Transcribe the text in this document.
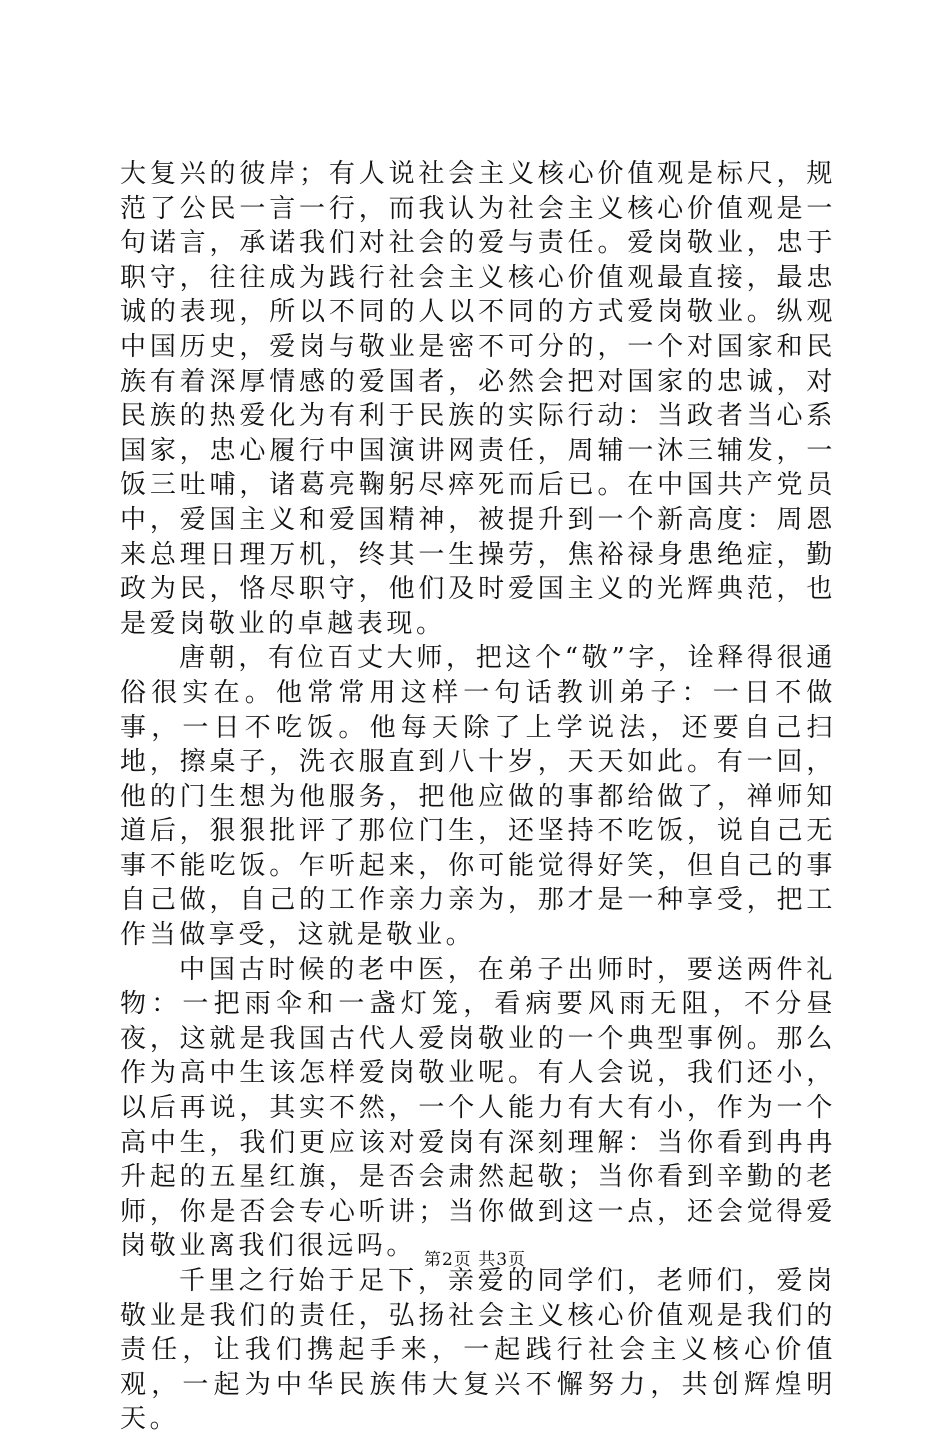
大复兴的彼岸；有人说社会主义核心价值观是标尺，规范了公民一言一行，而我认为社会主义核心价值观是一句诺言，承诺我们对社会的爱与责任。爱岗敬业，忠于职守，往往成为践行社会主义核心价值观最直接，最忠诚的表现，所以不同的人以不同的方式爱岗敬业。纵观中国历史，爱岗与敬业是密不可分的，一个对国家和民族有着深厚情感的爱国者，必然会把对国家的忠诚，对民族的热爱化为有利于民族的实际行动：当政者当心系国家，忠心履行中国演讲网责任，周辅一沐三辅发，一饭三吐哺，诸葛亮鞠躬尽瘁死而后已。在中国共产党员中，爱国主义和爱国精神，被提升到一个新高度：周恩来总理日理万机，终其一生操劳，焦裕禄身患绝症，勤政为民，恪尽职守，他们及时爱国主义的光辉典范，也是爱岗敬业的卓越表现。

唐朝，有位百丈大师，把这个“敬”字，诠释得很通俗很实在。他常常用这样一句话教训弟子：一日不做事，一日不吃饭。他每天除了上学说法，还要自己扫地，擦桌子，洗衣服直到八十岁，天天如此。有一回，他的门生想为他服务，把他应做的事都给做了，禅师知道后，狠狠批评了那位门生，还坚持不吃饭，说自己无事不能吃饭。乍听起来，你可能觉得好笑，但自己的事自己做，自己的工作亲力亲为，那才是一种享受，把工作当做享受，这就是敬业。

中国古时候的老中医，在弟子出师时，要送两件礼物：一把雨伞和一盏灯笼，看病要风雨无阻，不分昼夜，这就是我国古代人爱岗敬业的一个典型事例。那么作为高中生该怎样爱岗敬业呢。有人会说，我们还小，以后再说，其实不然，一个人能力有大有小，作为一个高中生，我们更应该对爱岗有深刻理解：当你看到冉冉升起的五星红旗，是否会肃然起敬；当你看到辛勤的老师，你是否会专心听讲；当你做到这一点，还会觉得爱岗敬业离我们很远吗。

千里之行始于足下，亲爱的同学们，老师们，爱岗敬业是我们的责任，弘扬社会主义核心价值观是我们的责任，让我们携起手来，一起践行社会主义核心价值观，一起为中华民族伟大复兴不懈努力，共创辉煌明天。

第2页 共3页
